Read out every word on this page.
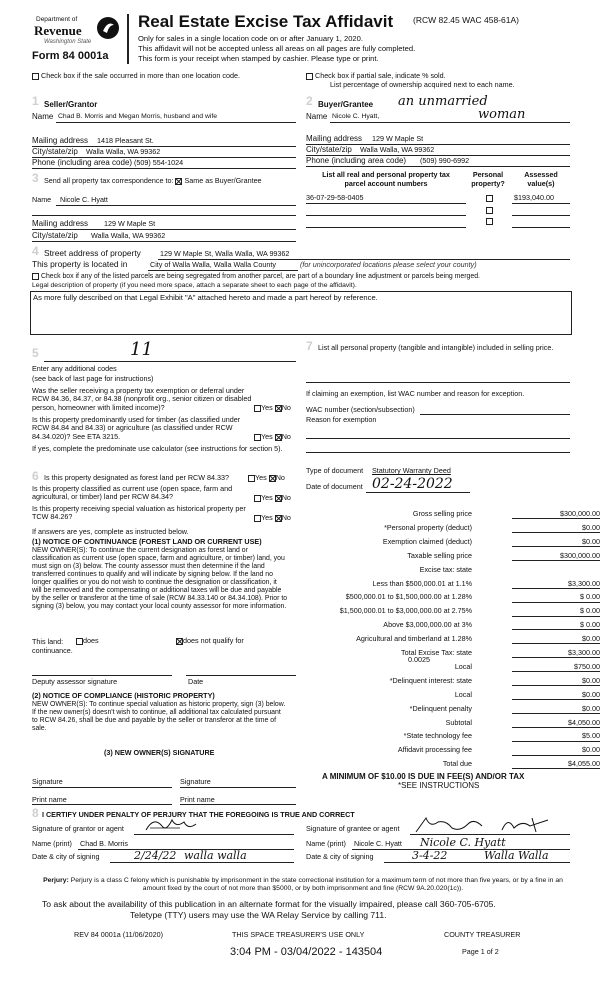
Department of
Revenue
Washington State
Form 84 0001a
Real Estate Excise Tax Affidavit (RCW 82.45 WAC 458-61A)
Only for sales in a single location code on or after January 1, 2020.
This affidavit will not be accepted unless all areas on all pages are fully completed.
This form is your receipt when stamped by cashier. Please type or print.
Check box if the sale occurred in more than one location code.	Check box if partial sale, indicate % sold.
List percentage of ownership acquired next to each name.
1 Seller/Grantor
Name Chad B. Morris and Megan Morris, husband and wife
Mailing address 1418 Pleasant St.
City/state/zip Walla Walla, WA 99362
Phone (including area code) (509) 554-1024
2 Buyer/Grantee an unmarried
woman
Name Nicole C. Hyatt,
Mailing address 129 W Maple St
City/state/zip Walla Walla, WA 99362
Phone (including area code) (509) 990-6992
3 Send all property tax correspondence to: Same as Buyer/Grantee
Name Nicole C. Hyatt
Mailing address 129 W Maple St
City/state/zip Walla Walla, WA 99362
List all real and personal property tax
parcel account numbers
Personal
property?
Assessed
value(s)
36-07-29-58-0405	$193,040.00
4 Street address of property	129 W Maple St, Walla Walla, WA 99362
This property is located in	City of Walla Walla, Walla Walla County	(for unincorporated locations please select your county)
Check box if any of the listed parcels are being segregated from another parcel, are part of a boundary line adjustment or parcels being merged.
Legal description of property (if you need more space, attach a separate sheet to each page of the affidavit).
As more fully described on that Legal Exhibit "A" attached hereto and made a part hereof by reference.
5	11
Enter any additional codes
(see back of last page for instructions)
Was the seller receiving a property tax exemption or deferral under RCW 84.36, 84.37, or 84.38 (nonprofit org., senior citizen or disabled person, homeowner with limited income)?	Yes No
Is this property predominantly used for timber (as classified under RCW 84.84 and 84.33) or agriculture (as classified under RCW 84.34.020)? See ETA 3215.	Yes No
If yes, complete the predominate use calculator (see instructions for section 5).
6 Is this property designated as forest land per RCW 84.33?	Yes No
Is this property classified as current use (open space, farm and agricultural, or timber) land per RCW 84.34?	Yes No
Is this property receiving special valuation as historical property per TCW 84.26?	Yes No
If answers are yes, complete as instructed below.
(1) NOTICE OF CONTINUANCE (FOREST LAND OR CURRENT USE)
NEW OWNER(S): To continue the current designation as forest land or classification as current use (open space, farm and agriculture, or timber) land, you must sign on (3) below. The county assessor must then determine if the land transferred continues to qualify and will indicate by signing below. If the land no longer qualifies or you do not wish to continue the designation or classification, it will be removed and the compensating or additional taxes will be due and payable by the seller or transferor at the time of sale (RCW 84.33.140 or 84.34.108). Prior to signing (3) below, you may contact your local county assessor for more information.
This land:	does	does not qualify for
continuance.
Deputy assessor signature	Date
(2) NOTICE OF COMPLIANCE (HISTORIC PROPERTY)
NEW OWNER(S): To continue special valuation as historic property, sign (3) below. If the new owner(s) doesn't wish to continue, all additional tax calculated pursuant to RCW 84.26, shall be due and payable by the seller or transferor at the time of sale.
(3) NEW OWNER(S) SIGNATURE
Signature	Signature
Print name	Print name
7 List all personal property (tangible and intangible) included in selling price.
If claiming an exemption, list WAC number and reason for exception.
WAC number (section/subsection)
Reason for exemption
Type of document Statutory Warranty Deed
Date of document 02-24-2022
Gross selling price	$300,000.00
*Personal property (deduct)	$0.00
Exemption claimed (deduct)	$0.00
Taxable selling price	$300,000.00
Excise tax: state
Less than $500,000.01 at 1.1%	$3,300.00
$500,000.01 to $1,500,000.00 at 1.28%	$ 0.00
$1,500,000.01 to $3,000,000.00 at 2.75%	$ 0.00
Above $3,000,000.00 at 3%	$ 0.00
Agricultural and timberland at 1.28%	$0.00
Total Excise Tax: state	$3,300.00
Local	$750.00
*Delinquent interest: state	$0.00
Local	$0.00
*Delinquent penalty	$0.00
Subtotal	$4,050.00
*State technology fee	$5.00
Affidavit processing fee	$0.00
Total due	$4,055.00
0.0025
A MINIMUM OF $10.00 IS DUE IN FEE(S) AND/OR TAX
*SEE INSTRUCTIONS
8 I CERTIFY UNDER PENALTY OF PERJURY THAT THE FOREGOING IS TRUE AND CORRECT
Signature of grantor or agent
Name (print) Chad B. Morris
Date & city of signing	2/24/22 walla walla
Signature of grantee or agent
Name (print) Nicole C. Hyatt Nicole C. Hyatt
Date & city of signing	3-4-22	Walla Walla
Perjury: Perjury is a class C felony which is punishable by imprisonment in the state correctional institution for a maximum term of not more than five years, or by a fine in an amount fixed by the court of not more than $5000, or by both imprisonment and fine (RCW 9A.20.020(1c)).
To ask about the availability of this publication in an alternate format for the visually impaired, please call 360-705-6705.
Teletype (TTY) users may use the WA Relay Service by calling 711.
REV 84 0001a (11/06/2020)	THIS SPACE TREASURER'S USE ONLY	COUNTY TREASURER
3:04 PM - 03/04/2022 - 143504	Page 1 of 2
